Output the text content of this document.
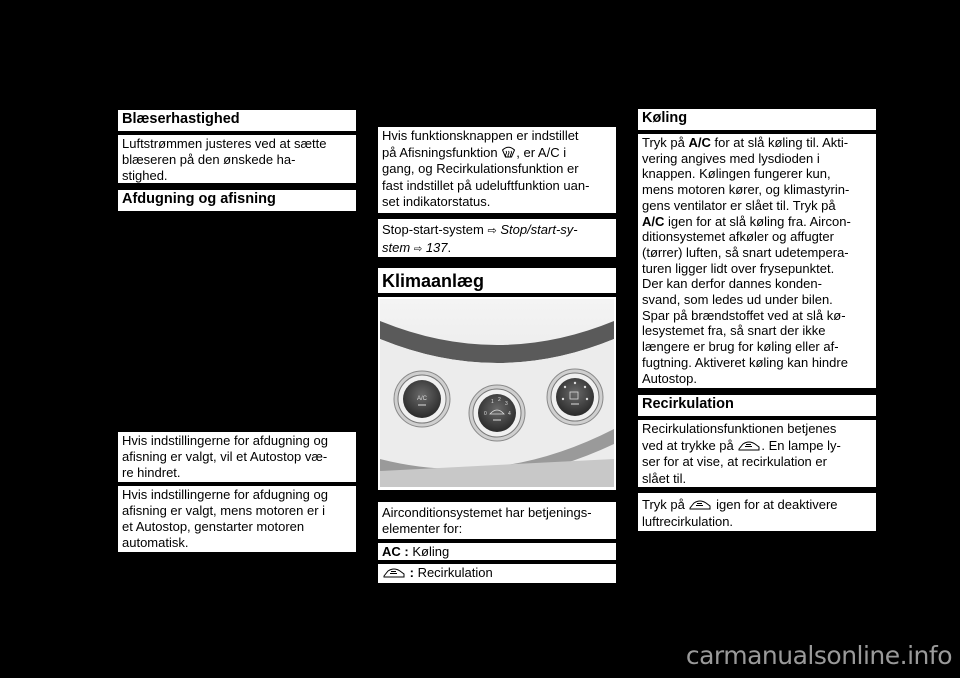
Blæserhastighed
Luftstrømmen justeres ved at sætte
blæseren på den ønskede ha-
stighed.
Afdugning og afisning
Hvis indstillingerne for afdugning og
afisning er valgt, vil et Autostop væ-
re hindret.
Hvis indstillingerne for afdugning og
afisning er valgt, mens motoren er i
et Autostop, genstarter motoren
automatisk.
Hvis funktionsknappen er indstillet
på Afisningsfunktion , er A/C i
gang, og Recirkulationsfunktion er
fast indstillet på udeluftfunktion uan-
set indikatorstatus.
Stop-start-system ⇨ Stop/start-sy-
stem ⇨ 137.
Klimaanlæg
A/C	1 2
3
0	4
Airconditionsystemet har betjenings-
elementer for:
AC : Køling
: Recirkulation
Køling
Tryk på A/C for at slå køling til. Akti-
vering angives med lysdioden i
knappen. Kølingen fungerer kun,
mens motoren kører, og klimastyrin-
gens ventilator er slået til. Tryk på
A/C igen for at slå køling fra. Aircon-
ditionsystemet afkøler og affugter
(tørrer) luften, så snart udetempera-
turen ligger lidt over frysepunktet.
Der kan derfor dannes konden-
svand, som ledes ud under bilen.
Spar på brændstoffet ved at slå kø-
lesystemet fra, så snart der ikke
længere er brug for køling eller af-
fugtning. Aktiveret køling kan hindre
Autostop.
Recirkulation
Recirkulationsfunktionen betjenes
ved at trykke på . En lampe ly-
ser for at vise, at recirkulation er
slået til.
Tryk på  igen for at deaktivere
luftrecirkulation.
carmanualsonline.info
